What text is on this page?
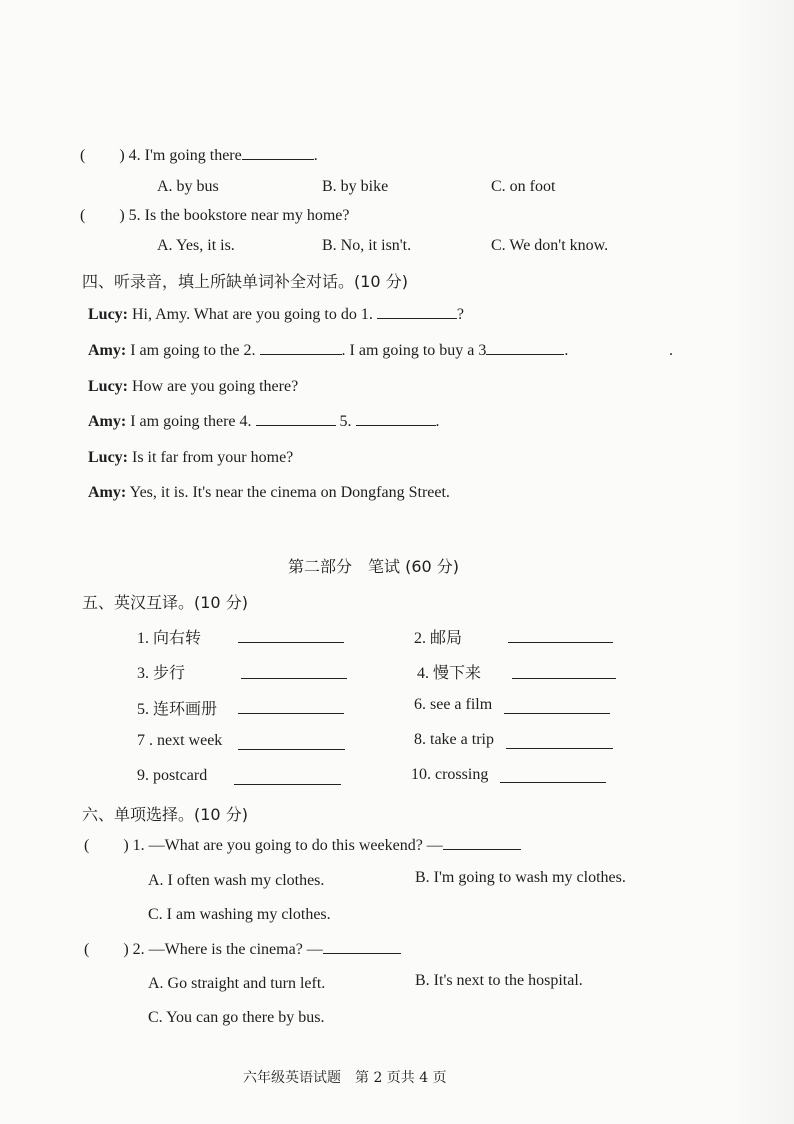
( ) 4. I'm going there	.
A. by bus	B. by bike	C. on foot
( ) 5. Is the bookstore near my home?
A. Yes, it is.	B. No, it isn't.	C. We don't know.
四、听录音，填上所缺单词补全对话。(10 分)
Lucy: Hi, Amy. What are you going to do 1.	?
Amy: I am going to the 2.	. I am going to buy a 3	.	.
Lucy: How are you going there?
Amy: I am going there 4.	5.	.
Lucy: Is it far from your home?
Amy: Yes, it is. It's near the cinema on Dongfang Street.
第二部分　笔试 (60 分)
五、英汉互译。(10 分)
1. 向右转	2. 邮局
3. 步行	4. 慢下来
5. 连环画册	6. see a film
7 . next week	8. take a trip
9. postcard	10. crossing
六、单项选择。(10 分)
( ) 1. —What are you going to do this weekend? —
A. I often wash my clothes.	B. I'm going to wash my clothes.
C. I am washing my clothes.
( ) 2. —Where is the cinema? —
A. Go straight and turn left.	B. It's next to the hospital.
C. You can go there by bus.
六年级英语试题　第 2 页共 4 页
